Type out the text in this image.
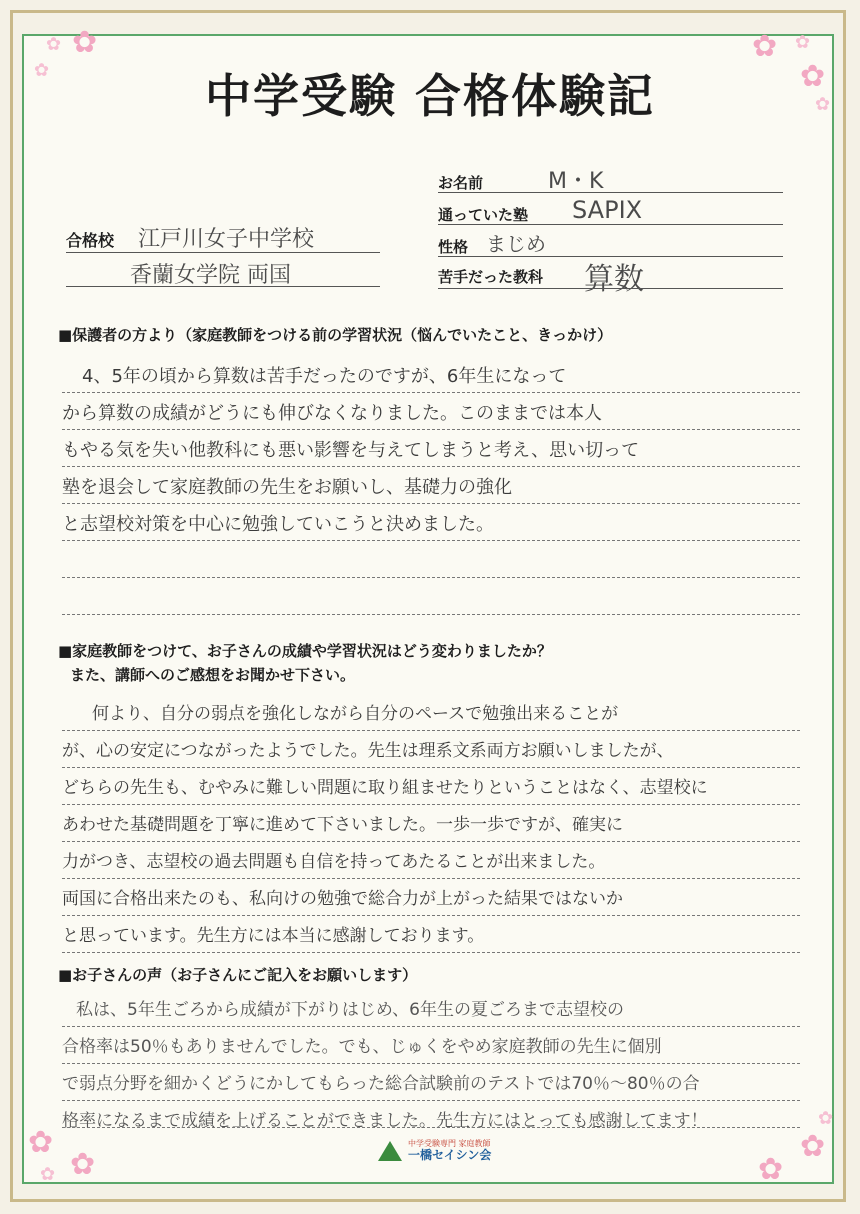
✿
✿
✿
✿ ✿
✿
✿
✿
✿
✿	✿
✿
✿
中学受験 合格体験記
お名前	M・K
通っていた塾 SAPIX
性格 まじめ
苦手だった教科 算数
合格校 江戸川女子中学校
香蘭女学院 両国
■保護者の方より（家庭教師をつける前の学習状況（悩んでいたこと、きっかけ）
4、5年の頃から算数は苦手だったのですが、6年生になって
から算数の成績がどうにも伸びなくなりました。このままでは本人
もやる気を失い他教科にも悪い影響を与えてしまうと考え、思い切って
塾を退会して家庭教師の先生をお願いし、基礎力の強化
と志望校対策を中心に勉強していこうと決めました。
■家庭教師をつけて、お子さんの成績や学習状況はどう変わりましたか？
また、講師へのご感想をお聞かせ下さい。
何より、自分の弱点を強化しながら自分のペースで勉強出来ることが
が、心の安定につながったようでした。先生は理系文系両方お願いしましたが、
どちらの先生も、むやみに難しい問題に取り組ませたりということはなく、志望校に
あわせた基礎問題を丁寧に進めて下さいました。一歩一歩ですが、確実に
力がつき、志望校の過去問題も自信を持ってあたることが出来ました。
両国に合格出来たのも、私向けの勉強で総合力が上がった結果ではないか
と思っています。先生方には本当に感謝しております。
■お子さんの声（お子さんにご記入をお願いします）
私は、5年生ごろから成績が下がりはじめ、6年生の夏ごろまで志望校の
合格率は50％もありませんでした。でも、じゅくをやめ家庭教師の先生に個別
で弱点分野を細かくどうにかしてもらった総合試験前のテストでは70％〜80％の合
格率になるまで成績を上げることができました。先生方にはとっても感謝してます！
中学受験専門 家庭教師
一橋セイシン会
